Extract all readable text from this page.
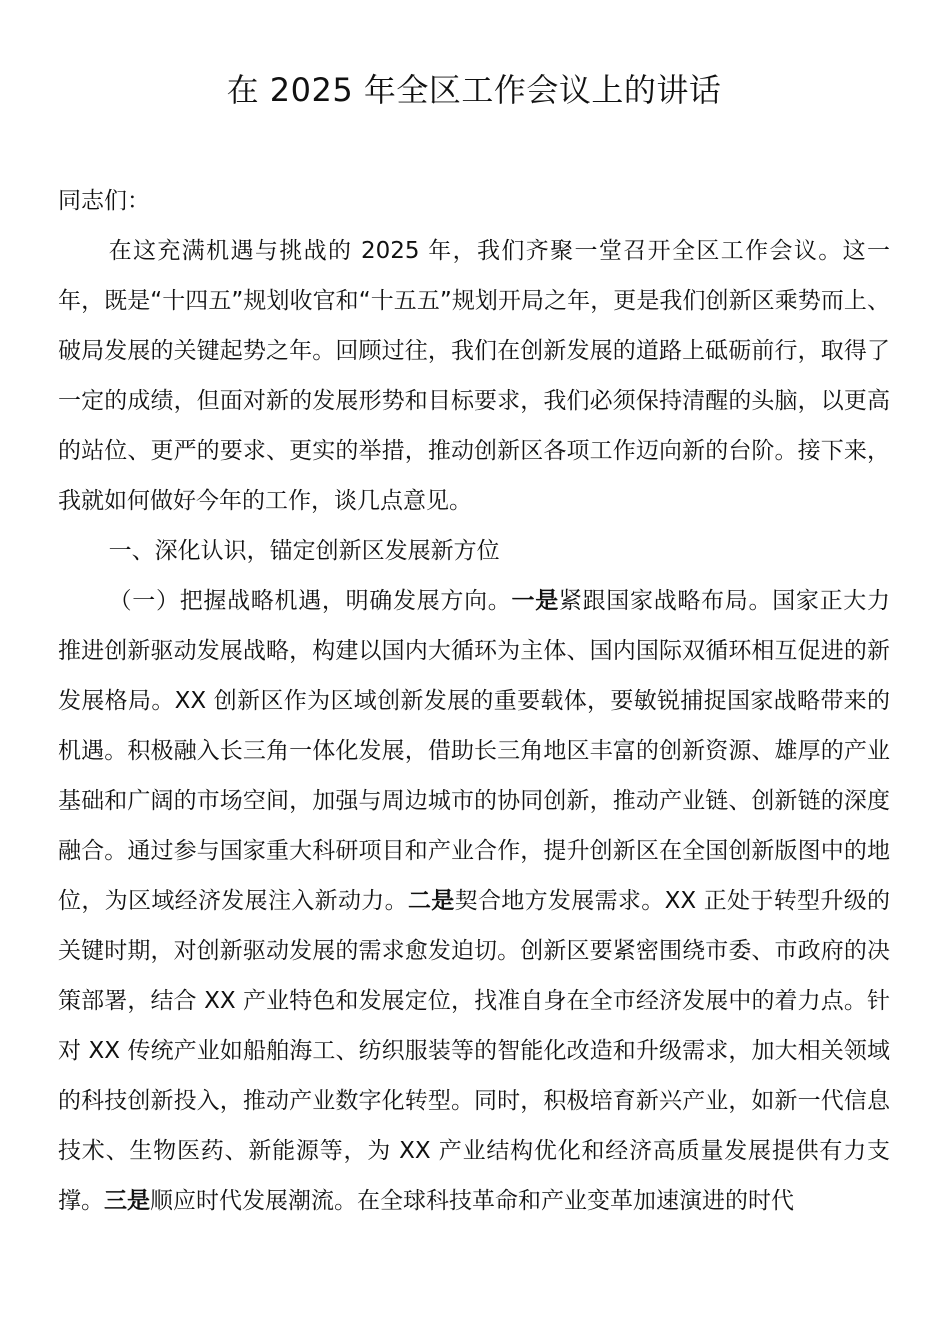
在 2025 年全区工作会议上的讲话

同志们：

在这充满机遇与挑战的 2025 年，我们齐聚一堂召开全区工作会议。这一年，既是“十四五”规划收官和“十五五”规划开局之年，更是我们创新区乘势而上、破局发展的关键起势之年。回顾过往，我们在创新发展的道路上砥砺前行，取得了一定的成绩，但面对新的发展形势和目标要求，我们必须保持清醒的头脑，以更高的站位、更严的要求、更实的举措，推动创新区各项工作迈向新的台阶。接下来，我就如何做好今年的工作，谈几点意见。

一、深化认识，锚定创新区发展新方位

（一）把握战略机遇，明确发展方向。一是紧跟国家战略布局。国家正大力推进创新驱动发展战略，构建以国内大循环为主体、国内国际双循环相互促进的新发展格局。XX 创新区作为区域创新发展的重要载体，要敏锐捕捉国家战略带来的机遇。积极融入长三角一体化发展，借助长三角地区丰富的创新资源、雄厚的产业基础和广阔的市场空间，加强与周边城市的协同创新，推动产业链、创新链的深度融合。通过参与国家重大科研项目和产业合作，提升创新区在全国创新版图中的地位，为区域经济发展注入新动力。二是契合地方发展需求。XX 正处于转型升级的关键时期，对创新驱动发展的需求愈发迫切。创新区要紧密围绕市委、市政府的决策部署，结合 XX 产业特色和发展定位，找准自身在全市经济发展中的着力点。针对 XX 传统产业如船舶海工、纺织服装等的智能化改造和升级需求，加大相关领域的科技创新投入，推动产业数字化转型。同时，积极培育新兴产业，如新一代信息技术、生物医药、新能源等，为 XX 产业结构优化和经济高质量发展提供有力支撑。三是顺应时代发展潮流。在全球科技革命和产业变革加速演进的时代
